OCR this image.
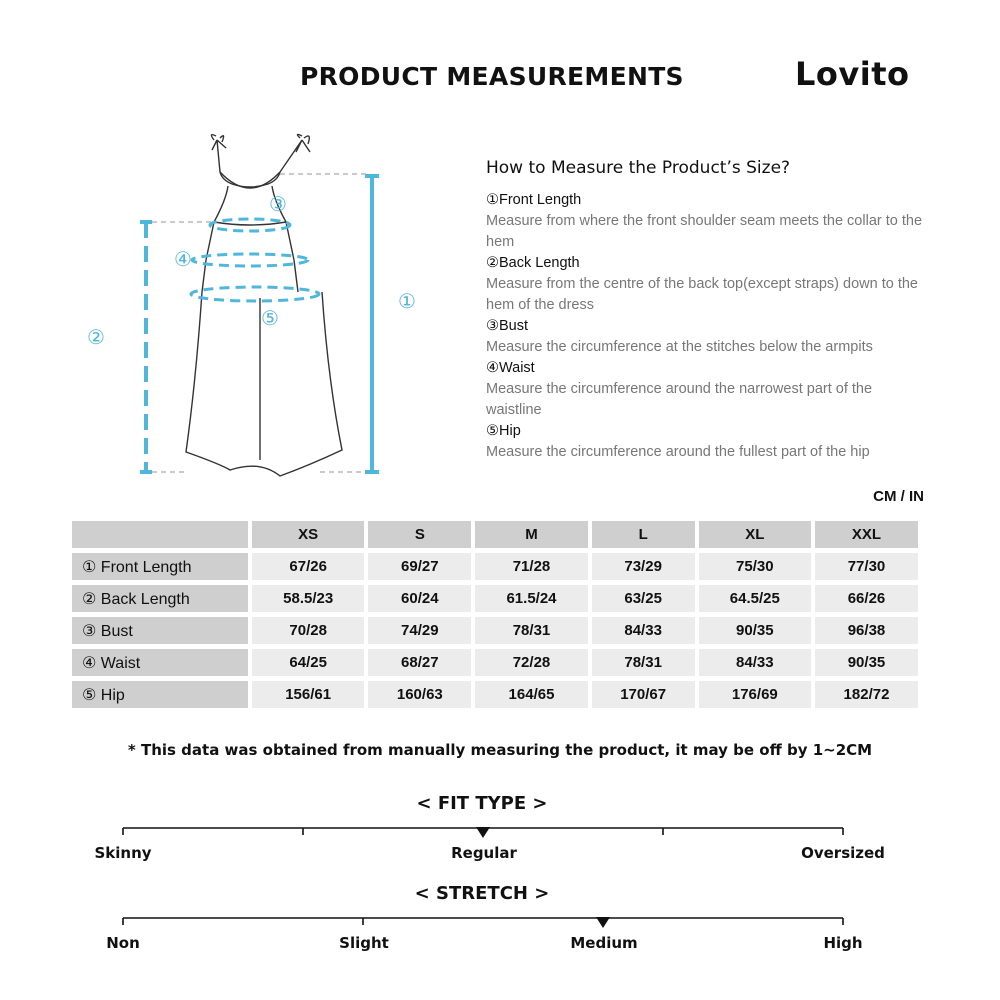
PRODUCT MEASUREMENTS	Lovito
①
②
③
④
⑤
How to Measure the Product’s Size?
①Front Length
Measure from where the front shoulder seam meets the collar to the hem
②Back Length
Measure from the centre of the back top(except straps) down to the hem of the dress
③Bust
Measure the circumference at the stitches below the armpits
④Waist
Measure the circumference around the narrowest part of the waistline
⑤Hip
Measure the circumference around the fullest part of the hip
CM / IN
	XS	S	M	L	XL	XXL
① Front Length	67/26	69/27	71/28	73/29	75/30	77/30
② Back Length	58.5/23	60/24	61.5/24	63/25	64.5/25	66/26
③ Bust	70/28	74/29	78/31	84/33	90/35	96/38
④ Waist	64/25	68/27	72/28	78/31	84/33	90/35
⑤ Hip	156/61	160/63	164/65	170/67	176/69	182/72
* This data was obtained from manually measuring the product, it may be off by 1~2CM
< FIT TYPE >
Skinny	Regular	Oversized
< STRETCH >
Non	Slight	Medium	High
